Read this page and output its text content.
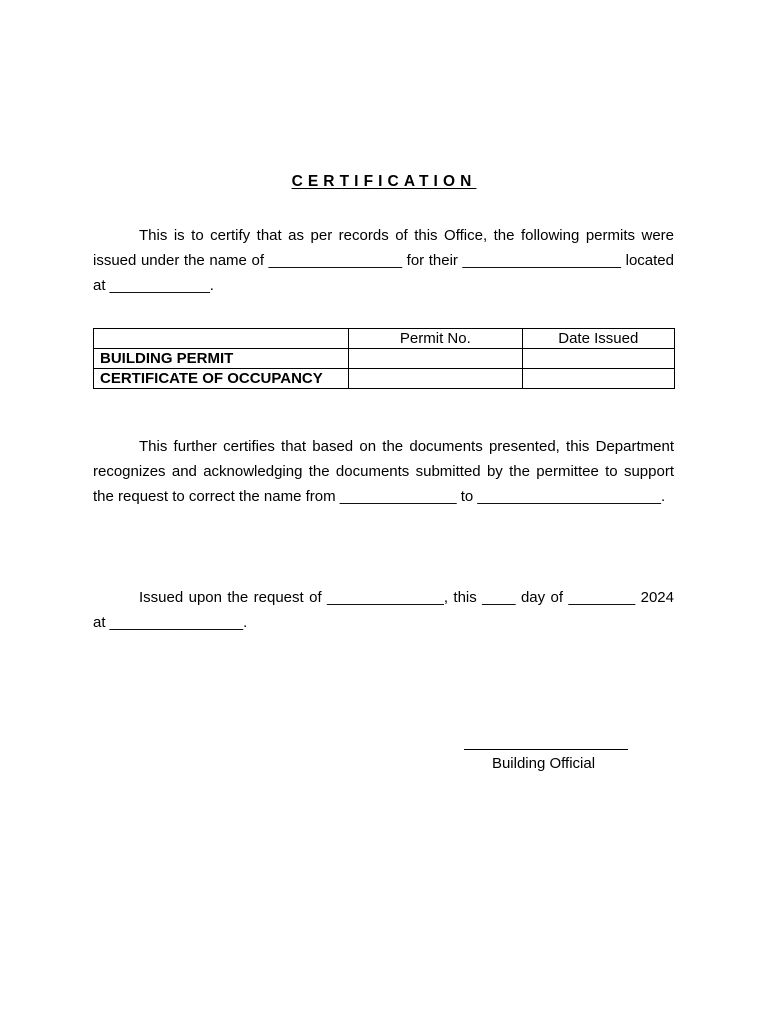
CERTIFICATION

This is to certify that as per records of this Office, the following permits were issued under the name of ________________ for their ___________________ located at ____________.

	Permit No.	Date Issued
BUILDING PERMIT		
CERTIFICATE OF OCCUPANCY		

This further certifies that based on the documents presented, this Department recognizes and acknowledging the documents submitted by the permittee to support the request to correct the name from ______________ to ______________________.

Issued upon the request of ______________, this ____ day of ________ 2024 at ________________.

Building Official
